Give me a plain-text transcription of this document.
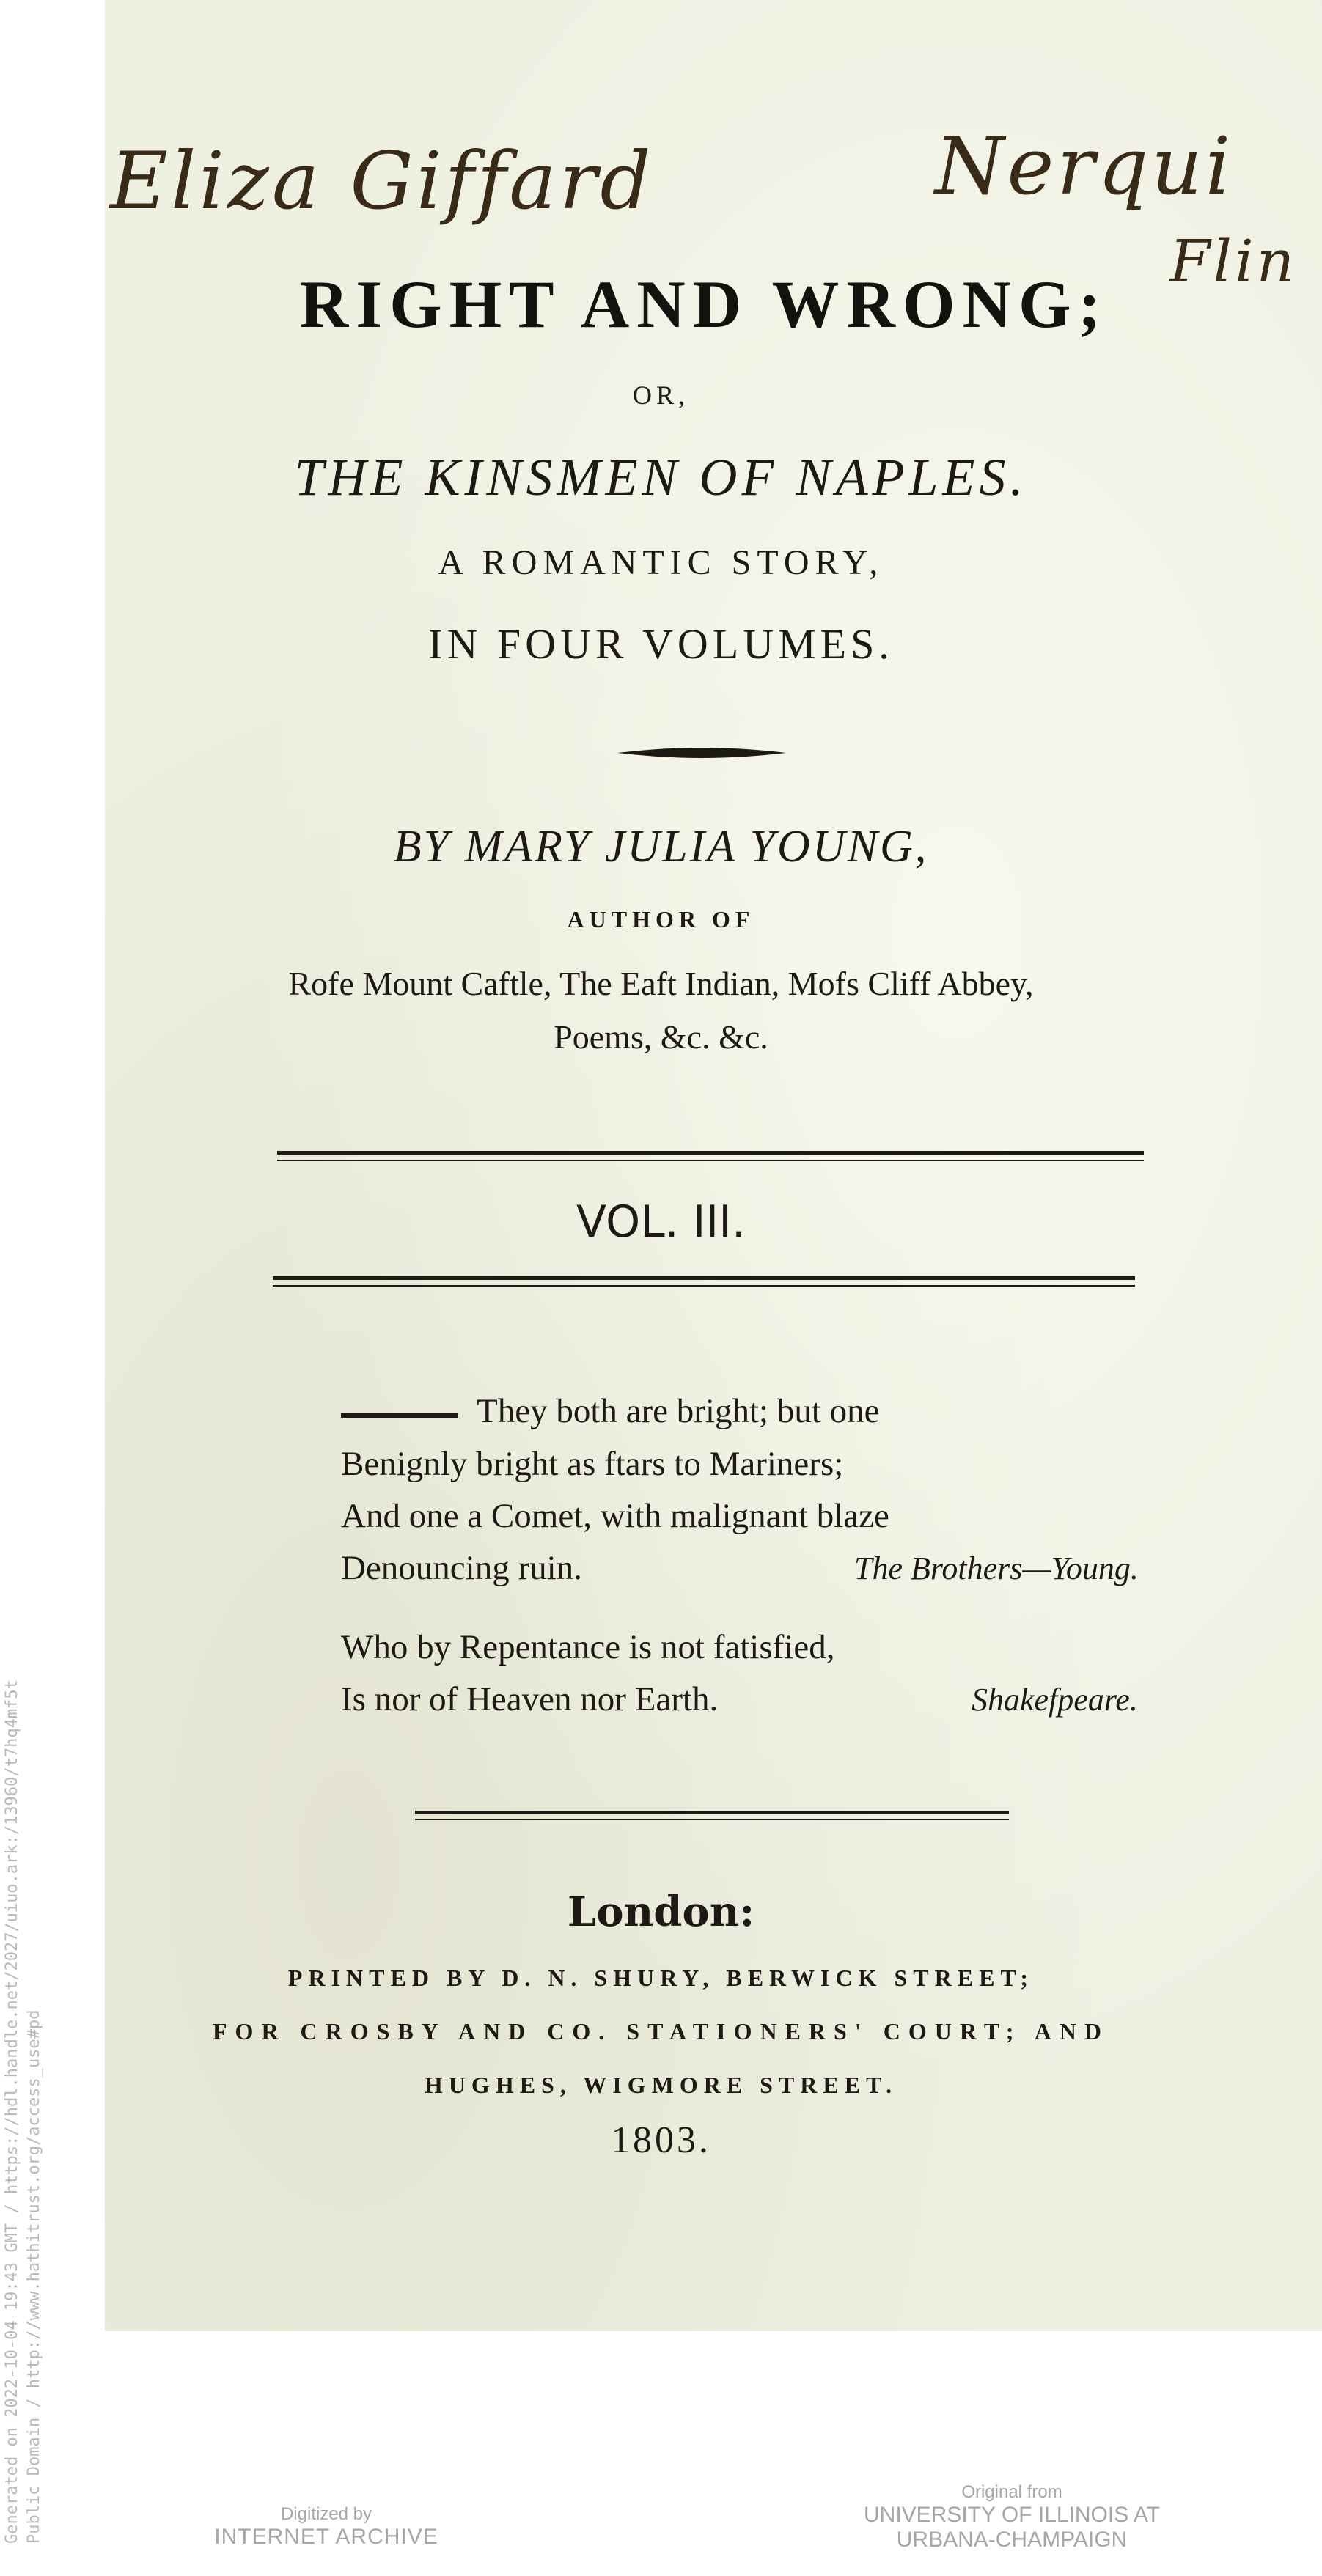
Eliza Giffard	Nerqui
Flin
RIGHT AND WRONG;
OR,
THE KINSMEN OF NAPLES.
A ROMANTIC STORY,
IN FOUR VOLUMES.
BY MARY JULIA YOUNG,
AUTHOR OF
Rofe Mount Caftle, The Eaft Indian, Mofs Cliff Abbey,
Poems, &c. &c.
VOL. III.
They both are bright; but one
Benignly bright as ftars to Mariners;
And one a Comet, with malignant blaze
Denouncing ruin.	The Brothers—Young.
Who by Repentance is not fatisfied,
Is nor of Heaven nor Earth.	Shakefpeare.
London:
PRINTED BY D. N. SHURY, BERWICK STREET;
FOR CROSBY AND CO. STATIONERS' COURT; AND
HUGHES, WIGMORE STREET.
1803.
Digitized by
INTERNET ARCHIVE
Original from
UNIVERSITY OF ILLINOIS AT
URBANA-CHAMPAIGN
Generated on 2022-10-04 19:43 GMT / https://hdl.handle.net/2027/uiuo.ark:/13960/t7hq4mf5t Public Domain / http://www.hathitrust.org/access_use#pd
